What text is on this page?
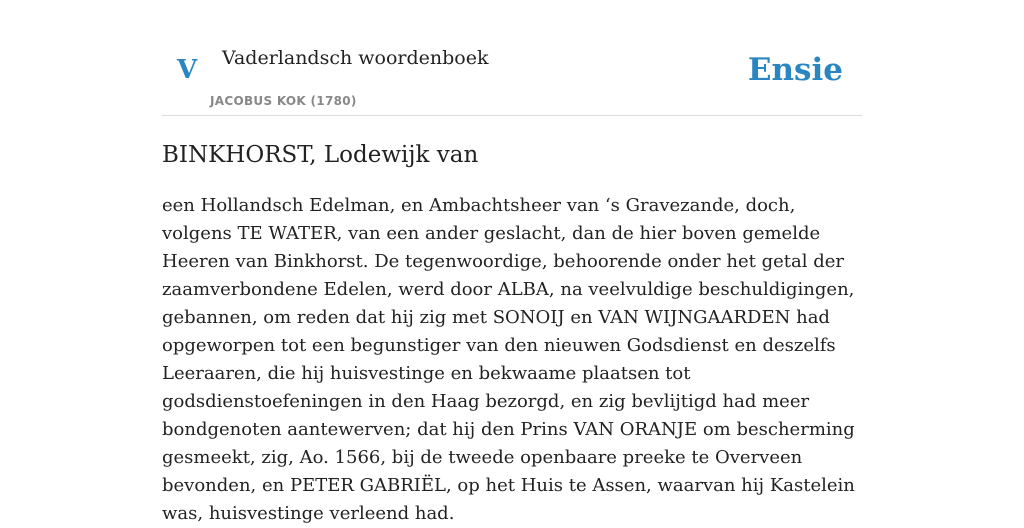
V Vaderlandsch woordenboek
JACOBUS KOK (1780)
Ensie
BINKHORST, Lodewijk van

een Hollandsch Edelman, en Ambachtsheer van ‘s Gravezande, doch, volgens TE WATER, van een ander geslacht, dan de hier boven gemelde Heeren van Binkhorst. De tegenwoordige, behoorende onder het getal der zaamverbondene Edelen, werd door ALBA, na veelvuldige beschuldigingen, gebannen, om reden dat hij zig met SONOIJ en VAN WIJNGAARDEN had opgeworpen tot een begunstiger van den nieuwen Godsdienst en deszelfs Leeraaren, die hij huisvestinge en bekwaame plaatsen tot godsdienstoefeningen in den Haag bezorgd, en zig bevlijtigd had meer bondgenoten aantewerven; dat hij den Prins VAN ORANJE om bescherming gesmeekt, zig, Ao. 1566, bij de tweede openbaare preeke te Overveen bevonden, en PETER GABRIËL, op het Huis te Assen, waarvan hij Kastelein was, huisvestinge verleend had.
